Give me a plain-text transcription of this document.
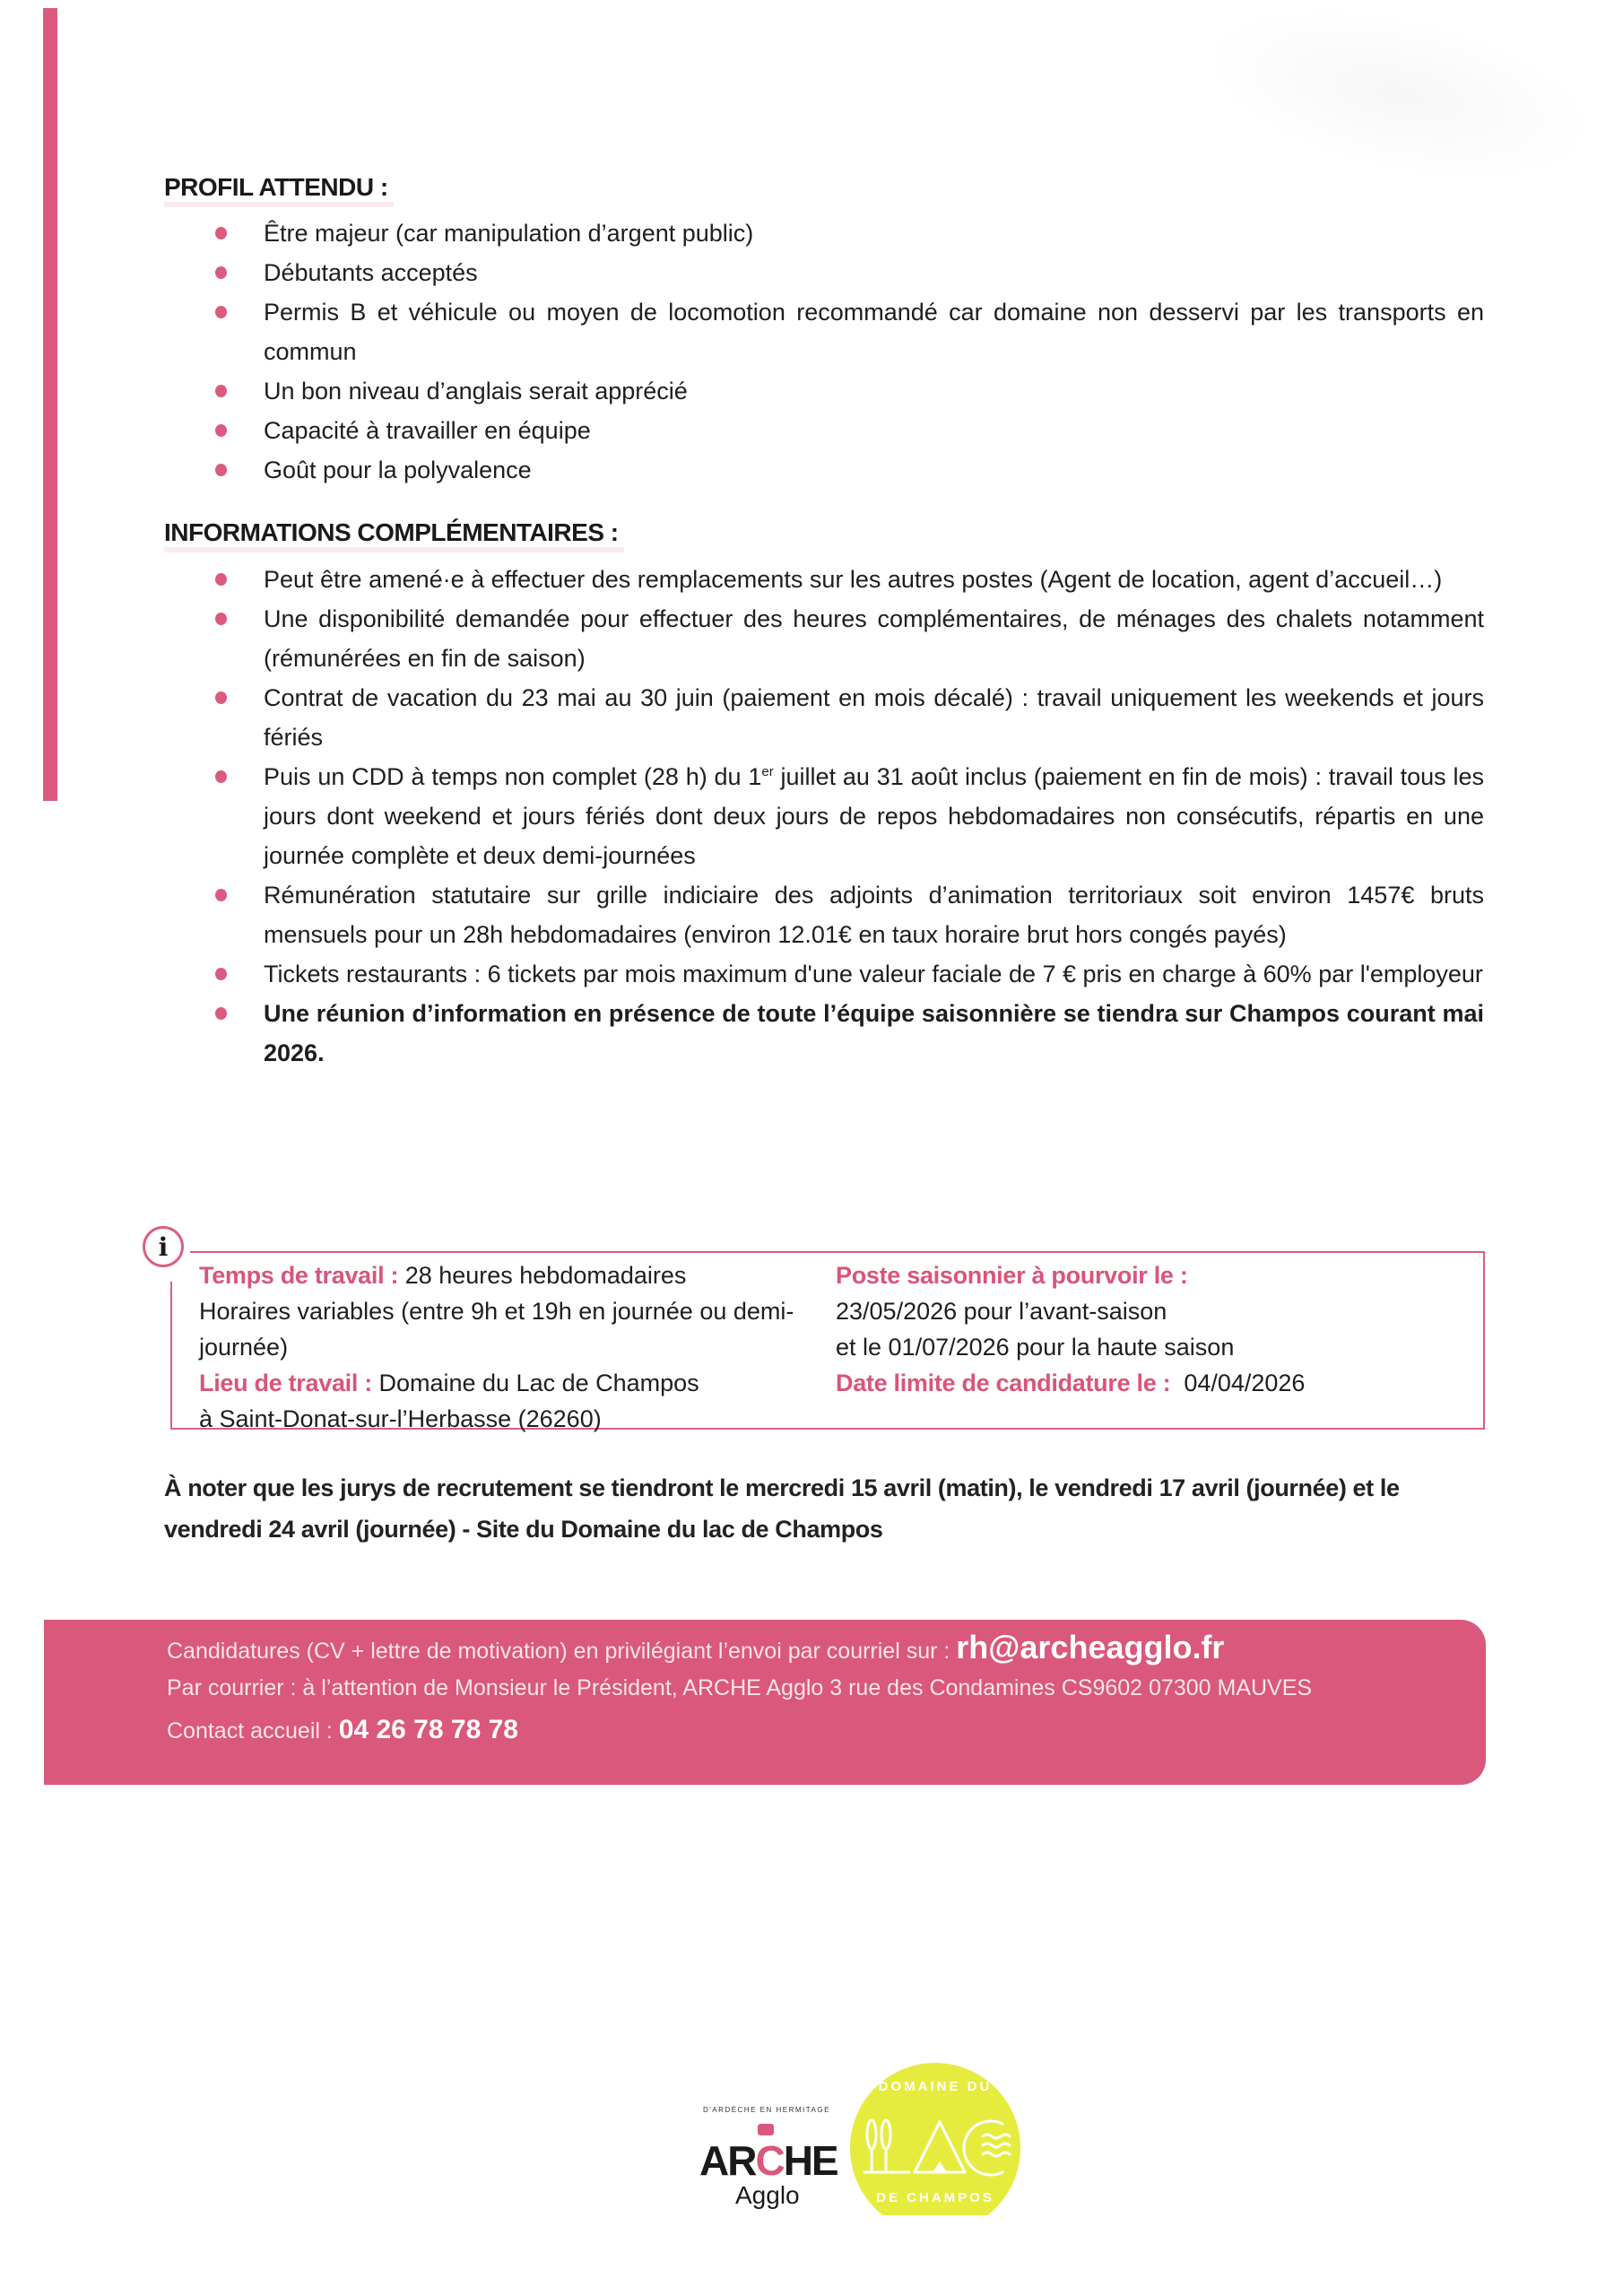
PROFIL ATTENDU :
Être majeur (car manipulation d’argent public)
Débutants acceptés
Permis B et véhicule ou moyen de locomotion recommandé car domaine non desservi par les transports en commun
Un bon niveau d’anglais serait apprécié
Capacité à travailler en équipe
Goût pour la polyvalence
INFORMATIONS COMPLÉMENTAIRES :
Peut être amené·e à effectuer des remplacements sur les autres postes (Agent de location, agent d’accueil…)
Une disponibilité demandée pour effectuer des heures complémentaires, de ménages des chalets notamment (rémunérées en fin de saison)
Contrat de vacation du 23 mai au 30 juin (paiement en mois décalé) : travail uniquement les weekends et jours fériés
Puis un CDD à temps non complet (28 h) du 1er juillet au 31 août inclus (paiement en fin de mois) : travail tous les jours dont weekend et jours fériés dont deux jours de repos hebdomadaires non consécutifs, répartis en une journée complète et deux demi-journées
Rémunération statutaire sur grille indiciaire des adjoints d’animation territoriaux soit environ 1457€ bruts mensuels pour un 28h hebdomadaires (environ 12.01€ en taux horaire brut hors congés payés)
Tickets restaurants : 6 tickets par mois maximum d'une valeur faciale de 7 € pris en charge à 60% par l'employeur
Une réunion d’information en présence de toute l’équipe saisonnière se tiendra sur Champos courant mai 2026.
i
Temps de travail : 28 heures hebdomadaires
Horaires variables (entre 9h et 19h en journée ou demi-journée)
Lieu de travail : Domaine du Lac de Champos
à Saint-Donat-sur-l’Herbasse (26260)
Poste saisonnier à pourvoir le :
23/05/2026 pour l’avant-saison
et le 01/07/2026 pour la haute saison
Date limite de candidature le :  04/04/2026

À noter que les jurys de recrutement se tiendront le mercredi 15 avril (matin), le vendredi 17 avril (journée) et le vendredi 24 avril (journée) - Site du Domaine du lac de Champos

Candidatures (CV + lettre de motivation) en privilégiant l’envoi par courriel sur : rh@archeagglo.fr
Par courrier : à l’attention de Monsieur le Président, ARCHE Agglo 3 rue des Condamines CS9602 07300 MAUVES
Contact accueil : 04 26 78 78 78
D'ARDÈCHE EN HERMITAGE
ARCHE
Agglo
DOMAINE DU
DE CHAMPOS
